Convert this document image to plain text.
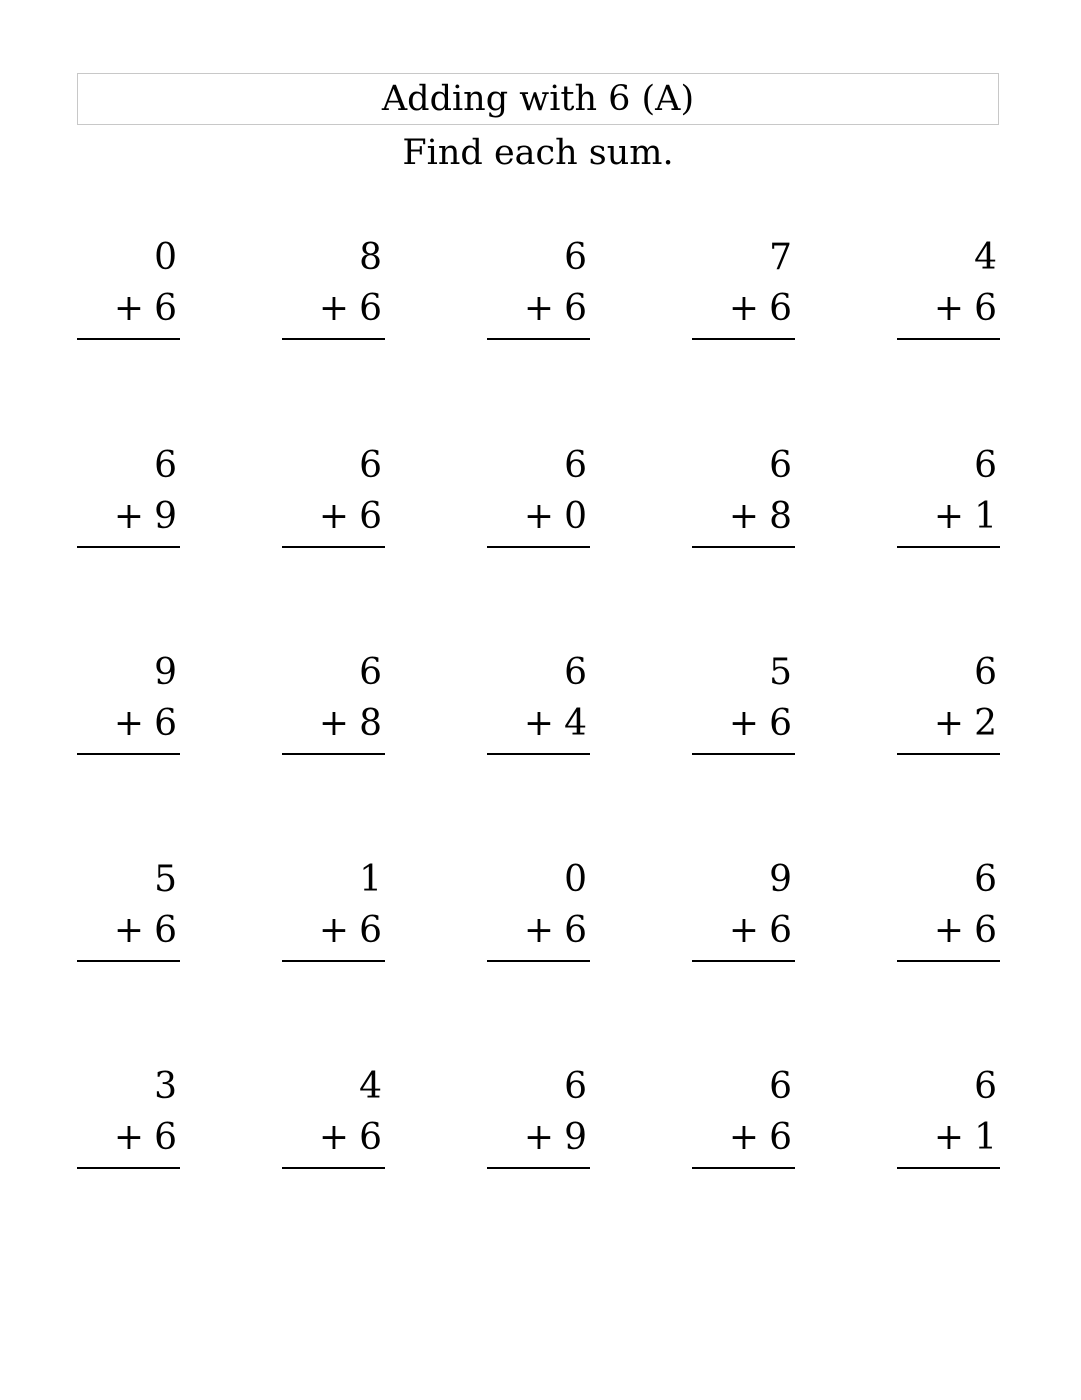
Adding with 6 (A)
Find each sum.
0
+ 6
8
+ 6
6
+ 6
7
+ 6
4
+ 6
6
+ 9
6
+ 6
6
+ 0
6
+ 8
6
+ 1
9
+ 6
6
+ 8
6
+ 4
5
+ 6
6
+ 2
5
+ 6
1
+ 6
0
+ 6
9
+ 6
6
+ 6
3
+ 6
4
+ 6
6
+ 9
6
+ 6
6
+ 1
